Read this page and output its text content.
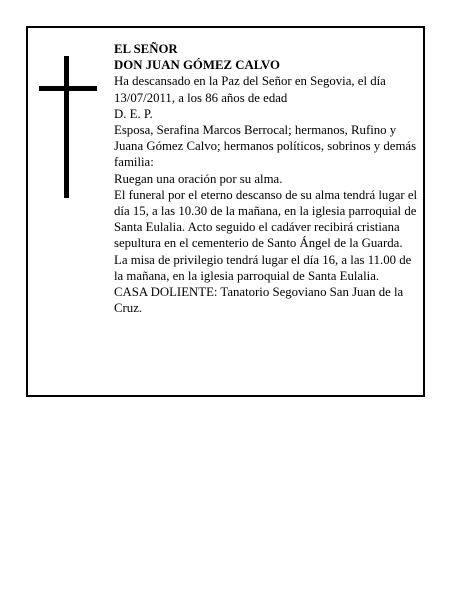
EL SEÑOR

DON JUAN GÓMEZ CALVO

Ha descansado en la Paz del Señor en Segovia, el día 13/07/2011, a los 86 años de edad

D. E. P.

Esposa, Serafina Marcos Berrocal; hermanos, Rufino y Juana Gómez Calvo; hermanos políticos, sobrinos y demás familia:

Ruegan una oración por su alma.

El funeral por el eterno descanso de su alma tendrá lugar el día 15, a las 10.30 de la mañana, en la iglesia parroquial de Santa Eulalia. Acto seguido el cadáver recibirá cristiana sepultura en el cementerio de Santo Ángel de la Guarda.

La misa de privilegio tendrá lugar el día 16, a las 11.00 de la mañana, en la iglesia parroquial de Santa Eulalia.

CASA DOLIENTE: Tanatorio Segoviano San Juan de la Cruz.
